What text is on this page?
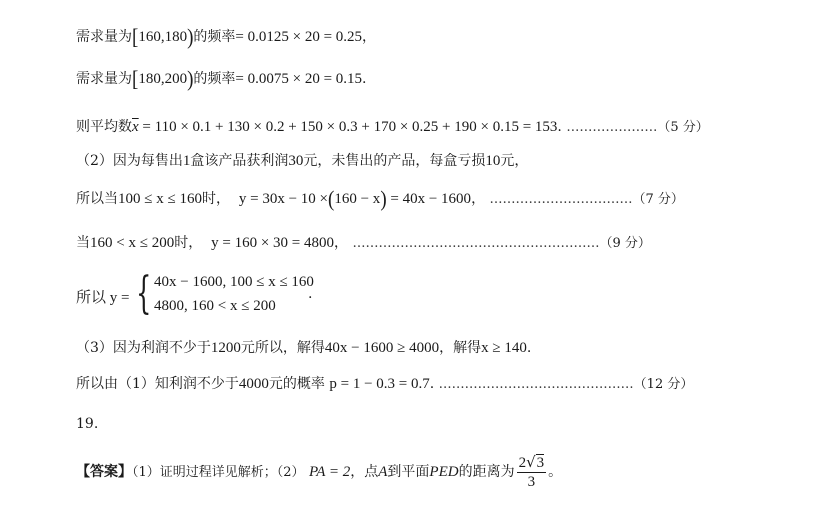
需求量为[160,180)的频率= 0.0125 × 20 = 0.25，
需求量为[180,200)的频率= 0.0075 × 20 = 0.15.
则平均数$\overline{x} = 110 \times 0.1 + 130 \times 0.2 + 150 \times 0.3 + 170 \times 0.25 + 190 \times 0.15 = 153$. …………………（5 分）
（2）因为每售出1盒该产品获利润30元，未售出的产品，每盒亏损10元，
所以当100 ≤ x ≤ 160时， y = 30x − 10 ×(160 − x) = 40x − 1600， ……………………………（7 分）
当160 < x ≤ 200时， y = 160 × 30 = 4800， …………………………………………………（9 分）
所以 y = { 40x − 1600, 100 ≤ x ≤ 160
4800, 160 < x ≤ 200
.
（3）因为利润不少于1200元所以，解得40x − 1600 ≥ 4000，解得x ≥ 140.
所以由（1）知利润不少于4000元的概率 p = 1 − 0.3 = 0.7. ………………………………………（12 分）
19.
【答案】（1）证明过程详见解析；（2） PA = 2，点A到平面PED的距离为 $\frac{2√3}{3}$ 。
